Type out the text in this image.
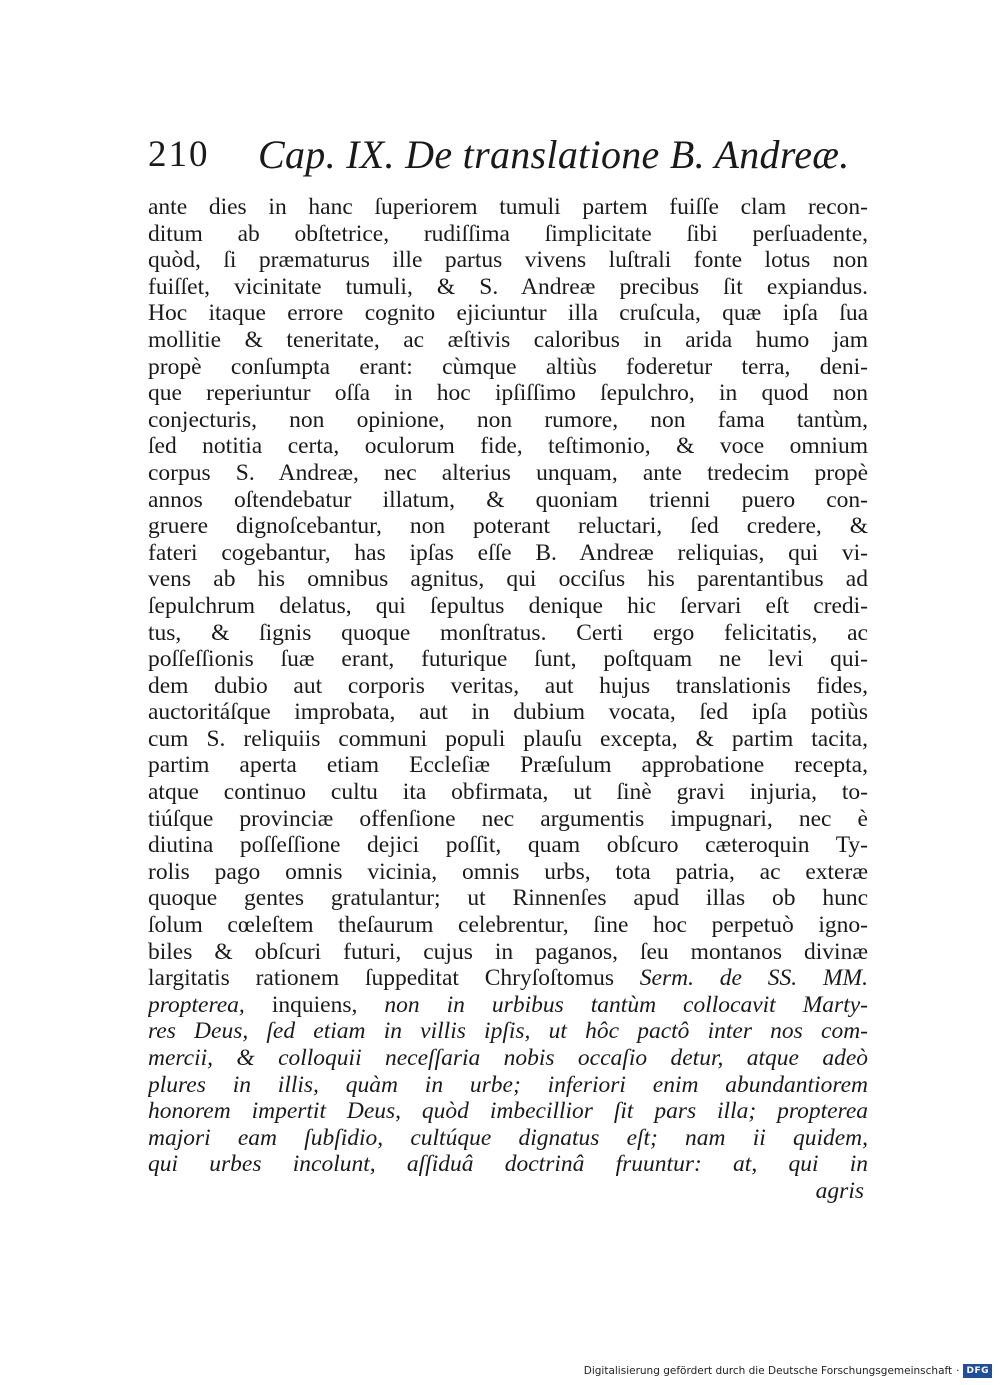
210 Cap. IX. De translatione B. Andreæ.
ante dies in hanc ſuperiorem tumuli partem fuiſſe clam recon-
ditum ab obſtetrice, rudiſſima ſimplicitate ſibi perſuadente,
quòd, ſi præmaturus ille partus vivens luſtrali fonte lotus non
fuiſſet, vicinitate tumuli, & S. Andreæ precibus ſit expiandus.
Hoc itaque errore cognito ejiciuntur illa cruſcula, quæ ipſa ſua
mollitie & teneritate, ac æſtivis caloribus in arida humo jam
propè conſumpta erant: cùmque altiùs foderetur terra, deni-
que reperiuntur oſſa in hoc ipſiſſimo ſepulchro, in quod non
conjecturis, non opinione, non rumore, non fama tantùm,
ſed notitia certa, oculorum fide, teſtimonio, & voce omnium
corpus S. Andreæ, nec alterius unquam, ante tredecim propè
annos oſtendebatur illatum, & quoniam trienni puero con-
gruere dignoſcebantur, non poterant reluctari, ſed credere, &
fateri cogebantur, has ipſas eſſe B. Andreæ reliquias, qui vi-
vens ab his omnibus agnitus, qui occiſus his parentantibus ad
ſepulchrum delatus, qui ſepultus denique hic ſervari eſt credi-
tus, & ſignis quoque monſtratus. Certi ergo felicitatis, ac
poſſeſſionis ſuæ erant, futurique ſunt, poſtquam ne levi qui-
dem dubio aut corporis veritas, aut hujus translationis fides,
auctoritáſque improbata, aut in dubium vocata, ſed ipſa potiùs
cum S. reliquiis communi populi plauſu excepta, & partim tacita,
partim aperta etiam Eccleſiæ Præſulum approbatione recepta,
atque continuo cultu ita obfirmata, ut ſinè gravi injuria, to-
tiúſque provinciæ offenſione nec argumentis impugnari, nec è
diutina poſſeſſione dejici poſſit, quam obſcuro cæteroquin Ty-
rolis pago omnis vicinia, omnis urbs, tota patria, ac exteræ
quoque gentes gratulantur; ut Rinnenſes apud illas ob hunc
ſolum cœleſtem theſaurum celebrentur, ſine hoc perpetuò igno-
biles & obſcuri futuri, cujus in paganos, ſeu montanos divinæ
largitatis rationem ſuppeditat Chryſoſtomus Serm. de SS. MM.
propterea, inquiens, non in urbibus tantùm collocavit Marty-
res Deus, ſed etiam in villis ipſis, ut hôc pactô inter nos com-
mercii, & colloquii neceſſaria nobis occaſio detur, atque adeò
plures in illis, quàm in urbe; inferiori enim abundantiorem
honorem impertit Deus, quòd imbecillior ſit pars illa; propterea
majori eam ſubſidio, cultúque dignatus eſt; nam ii quidem,
qui urbes incolunt, aſſiduâ doctrinâ fruuntur: at, qui in
agris
Digitalisierung gefördert durch die Deutsche Forschungsgemeinschaft · DFG
